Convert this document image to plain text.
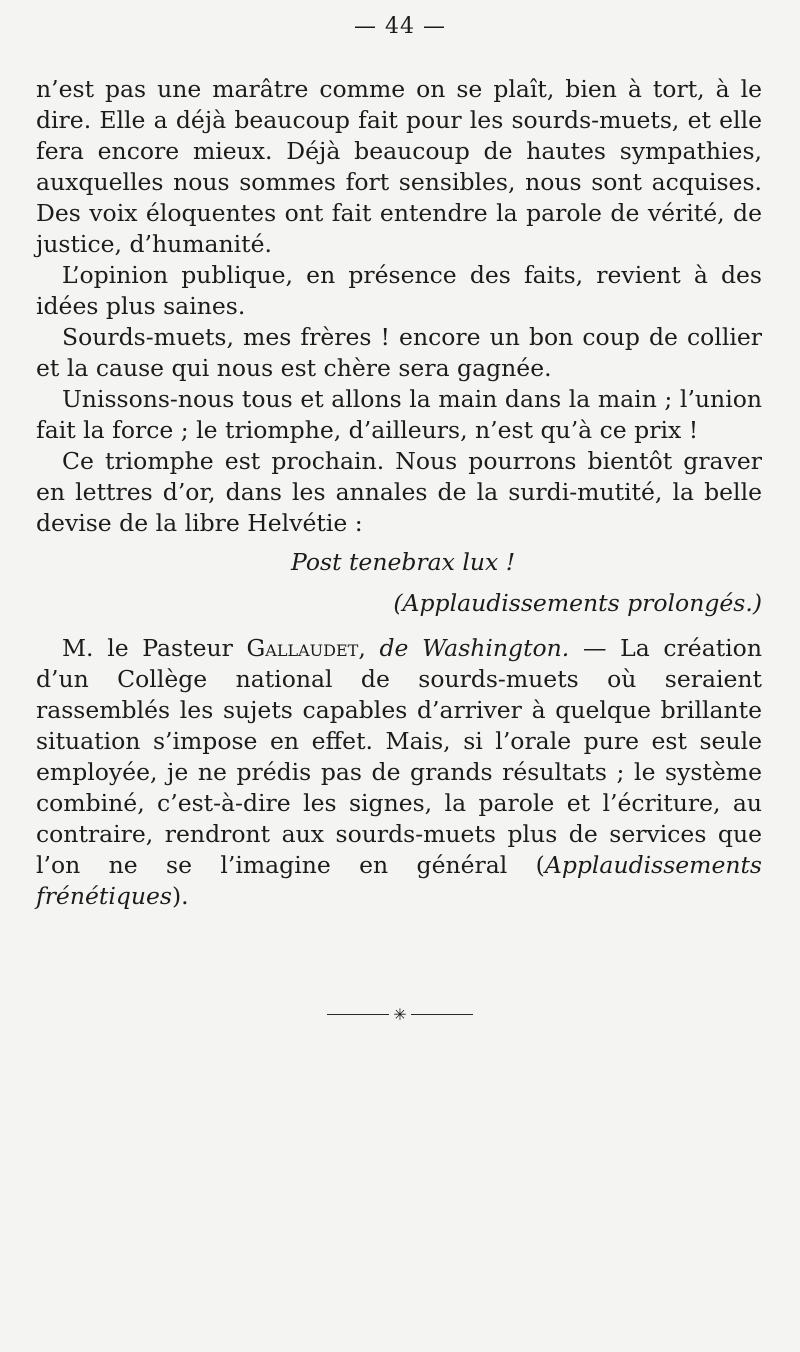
— 44 —

n’est pas une marâtre comme on se plaît, bien à tort, à le dire. Elle a déjà beaucoup fait pour les sourds-muets, et elle fera encore mieux. Déjà beaucoup de hautes sympathies, auxquelles nous sommes fort sensibles, nous sont acquises. Des voix éloquentes ont fait entendre la parole de vérité, de justice, d’humanité.

L’opinion publique, en présence des faits, revient à des idées plus saines.

Sourds-muets, mes frères ! encore un bon coup de collier et la cause qui nous est chère sera gagnée.

Unissons-nous tous et allons la main dans la main ; l’union fait la force ; le triomphe, d’ailleurs, n’est qu’à ce prix !

Ce triomphe est prochain. Nous pourrons bientôt graver en lettres d’or, dans les annales de la surdi-mutité, la belle devise de la libre Helvétie :

Post tenebrax lux !

(Applaudissements prolongés.)

M. le Pasteur Gallaudet, de Washington. — La création d’un Collège national de sourds-muets où seraient rassemblés les sujets capables d’arriver à quelque brillante situation s’impose en effet. Mais, si l’orale pure est seule employée, je ne prédis pas de grands résultats ; le système combiné, c’est-à-dire les signes, la parole et l’écriture, au contraire, rendront aux sourds-muets plus de services que l’on ne se l’imagine en général (Applaudissements frénétiques).

✳
